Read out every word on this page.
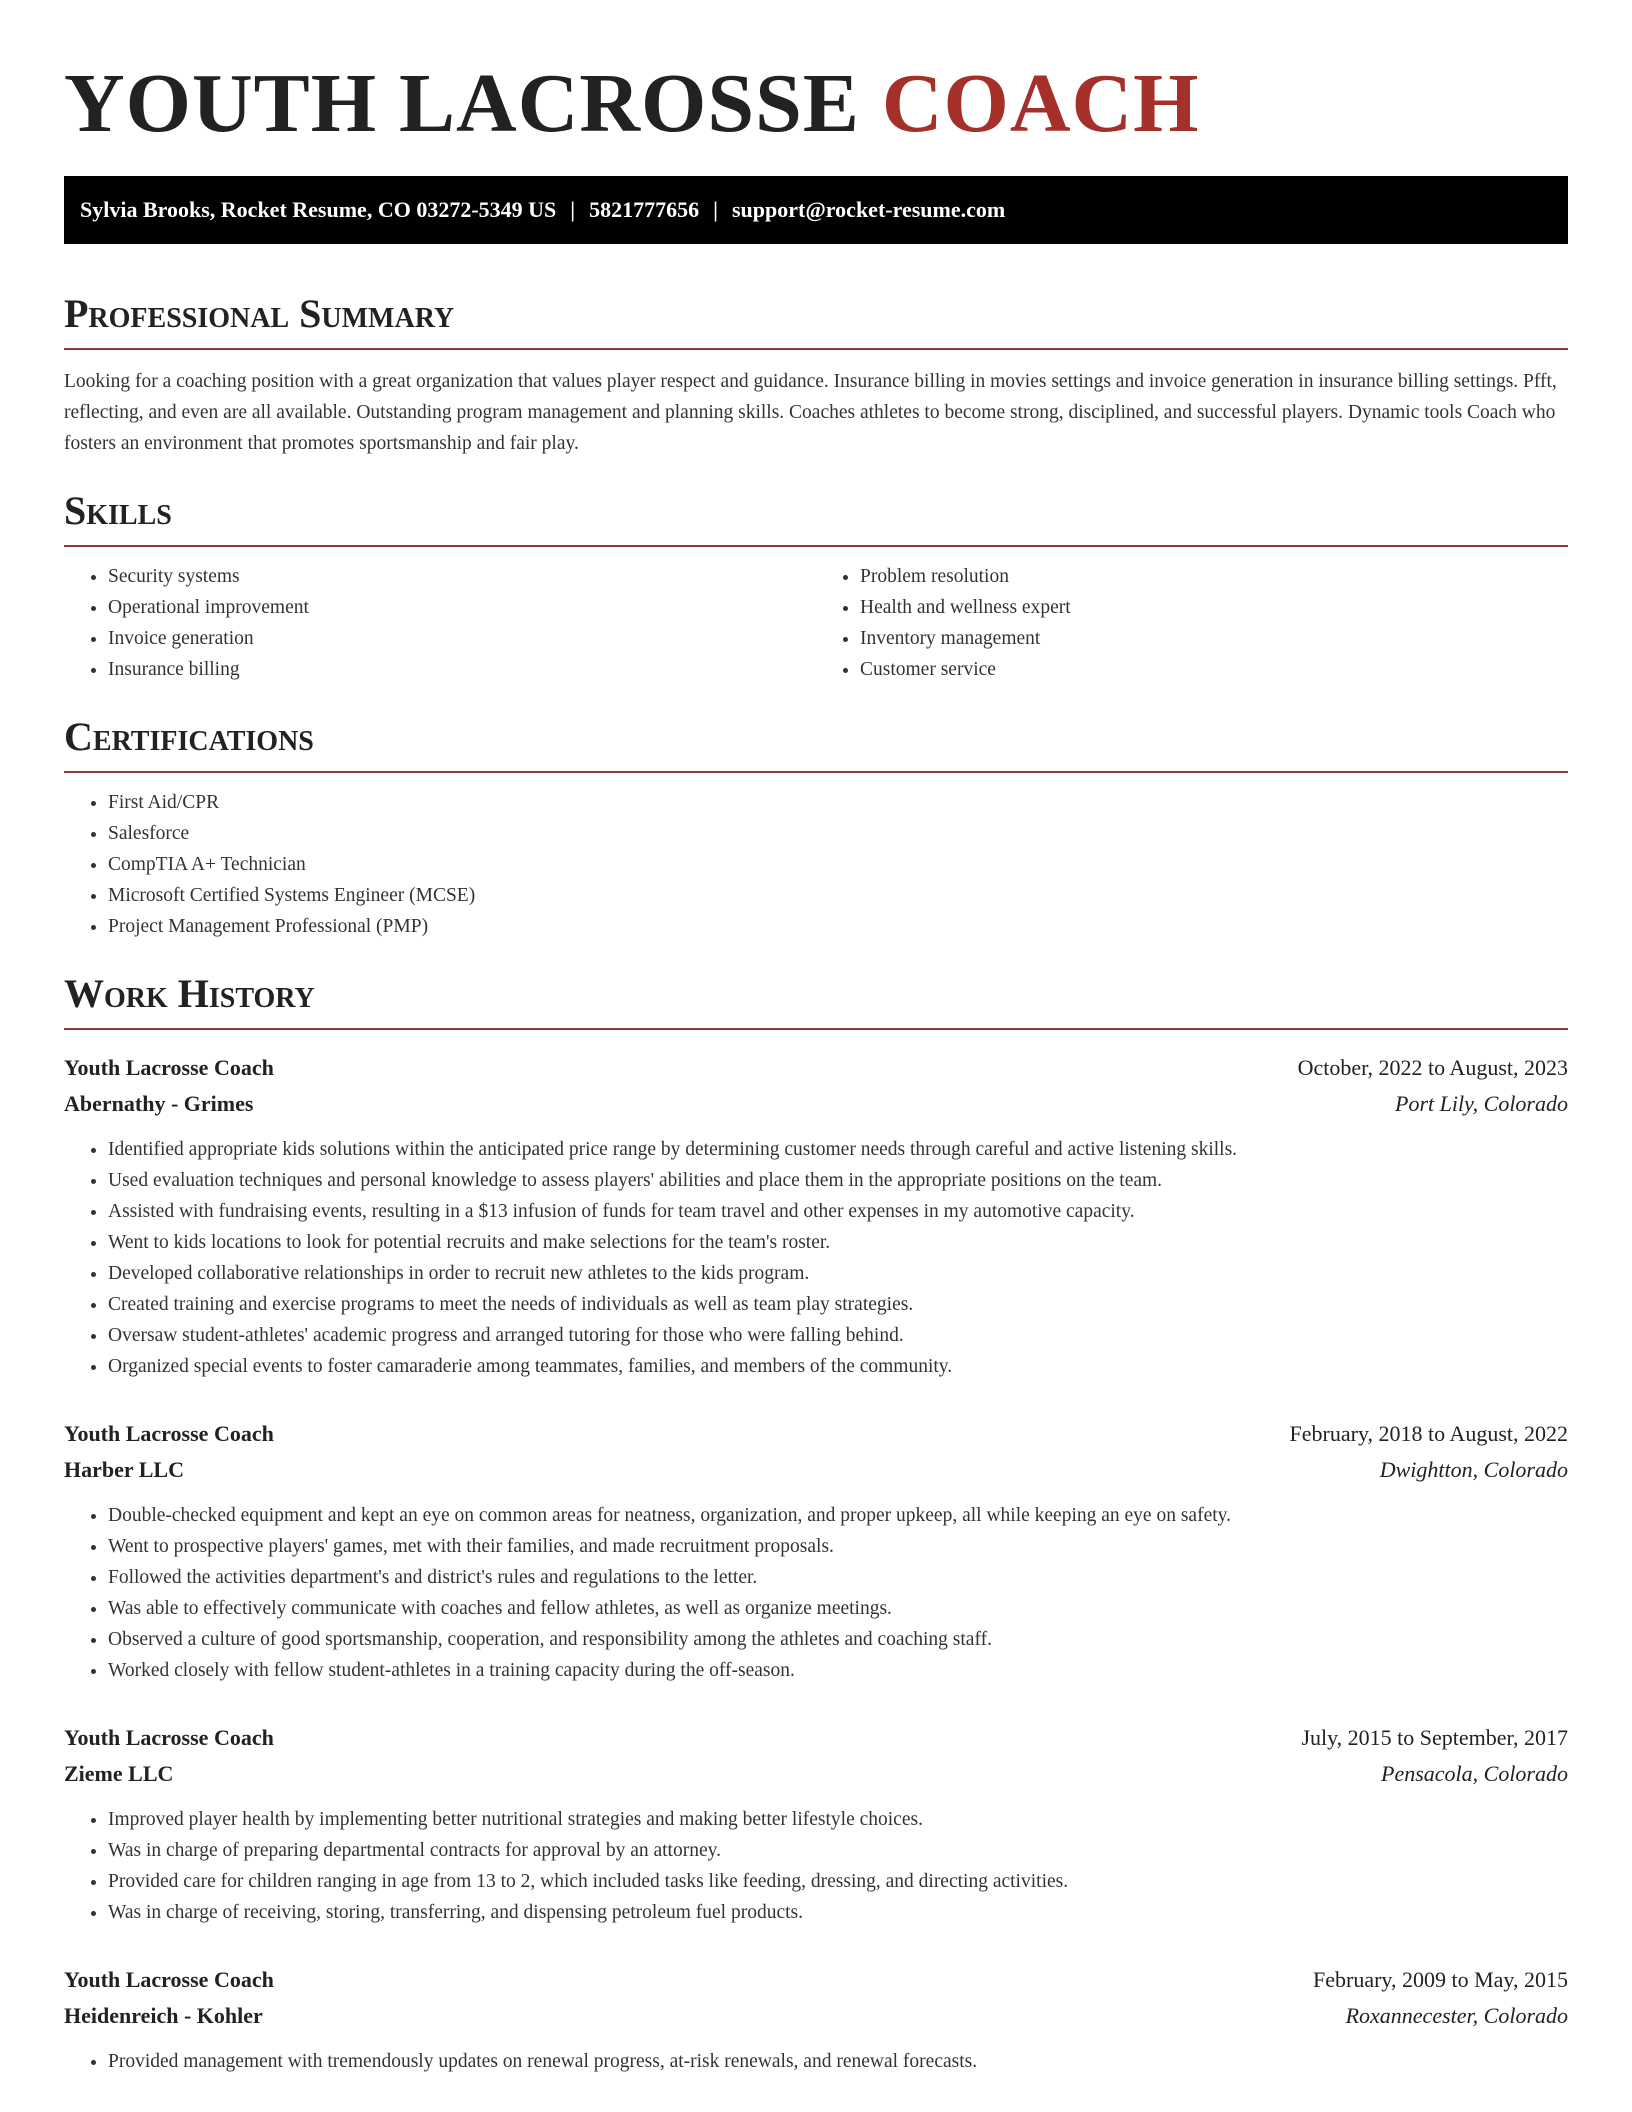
YOUTH LACROSSE COACH
Sylvia Brooks, Rocket Resume, CO 03272-5349 US | 5821777656 | support@rocket-resume.com
Professional Summary

Looking for a coaching position with a great organization that values player respect and guidance. Insurance billing in movies settings and invoice generation in insurance billing settings. Pfft, reflecting, and even are all available. Outstanding program management and planning skills. Coaches athletes to become strong, disciplined, and successful players. Dynamic tools Coach who fosters an environment that promotes sportsmanship and fair play.

Skills
• Security systems
• Operational improvement
• Invoice generation
• Insurance billing
• Problem resolution
• Health and wellness expert
• Inventory management
• Customer service
Certifications
• First Aid/CPR
• Salesforce
• CompTIA A+ Technician
• Microsoft Certified Systems Engineer (MCSE)
• Project Management Professional (PMP)
Work History
Youth Lacrosse Coach	October, 2022 to August, 2023
Abernathy - Grimes	Port Lily, Colorado
• Identified appropriate kids solutions within the anticipated price range by determining customer needs through careful and active listening skills.
• Used evaluation techniques and personal knowledge to assess players' abilities and place them in the appropriate positions on the team.
• Assisted with fundraising events, resulting in a $13 infusion of funds for team travel and other expenses in my automotive capacity.
• Went to kids locations to look for potential recruits and make selections for the team's roster.
• Developed collaborative relationships in order to recruit new athletes to the kids program.
• Created training and exercise programs to meet the needs of individuals as well as team play strategies.
• Oversaw student-athletes' academic progress and arranged tutoring for those who were falling behind.
• Organized special events to foster camaraderie among teammates, families, and members of the community.
Youth Lacrosse Coach	February, 2018 to August, 2022
Harber LLC	Dwightton, Colorado
• Double-checked equipment and kept an eye on common areas for neatness, organization, and proper upkeep, all while keeping an eye on safety.
• Went to prospective players' games, met with their families, and made recruitment proposals.
• Followed the activities department's and district's rules and regulations to the letter.
• Was able to effectively communicate with coaches and fellow athletes, as well as organize meetings.
• Observed a culture of good sportsmanship, cooperation, and responsibility among the athletes and coaching staff.
• Worked closely with fellow student-athletes in a training capacity during the off-season.
Youth Lacrosse Coach	July, 2015 to September, 2017
Zieme LLC	Pensacola, Colorado
• Improved player health by implementing better nutritional strategies and making better lifestyle choices.
• Was in charge of preparing departmental contracts for approval by an attorney.
• Provided care for children ranging in age from 13 to 2, which included tasks like feeding, dressing, and directing activities.
• Was in charge of receiving, storing, transferring, and dispensing petroleum fuel products.
Youth Lacrosse Coach	February, 2009 to May, 2015
Heidenreich - Kohler	Roxannecester, Colorado
• Provided management with tremendously updates on renewal progress, at-risk renewals, and renewal forecasts.
